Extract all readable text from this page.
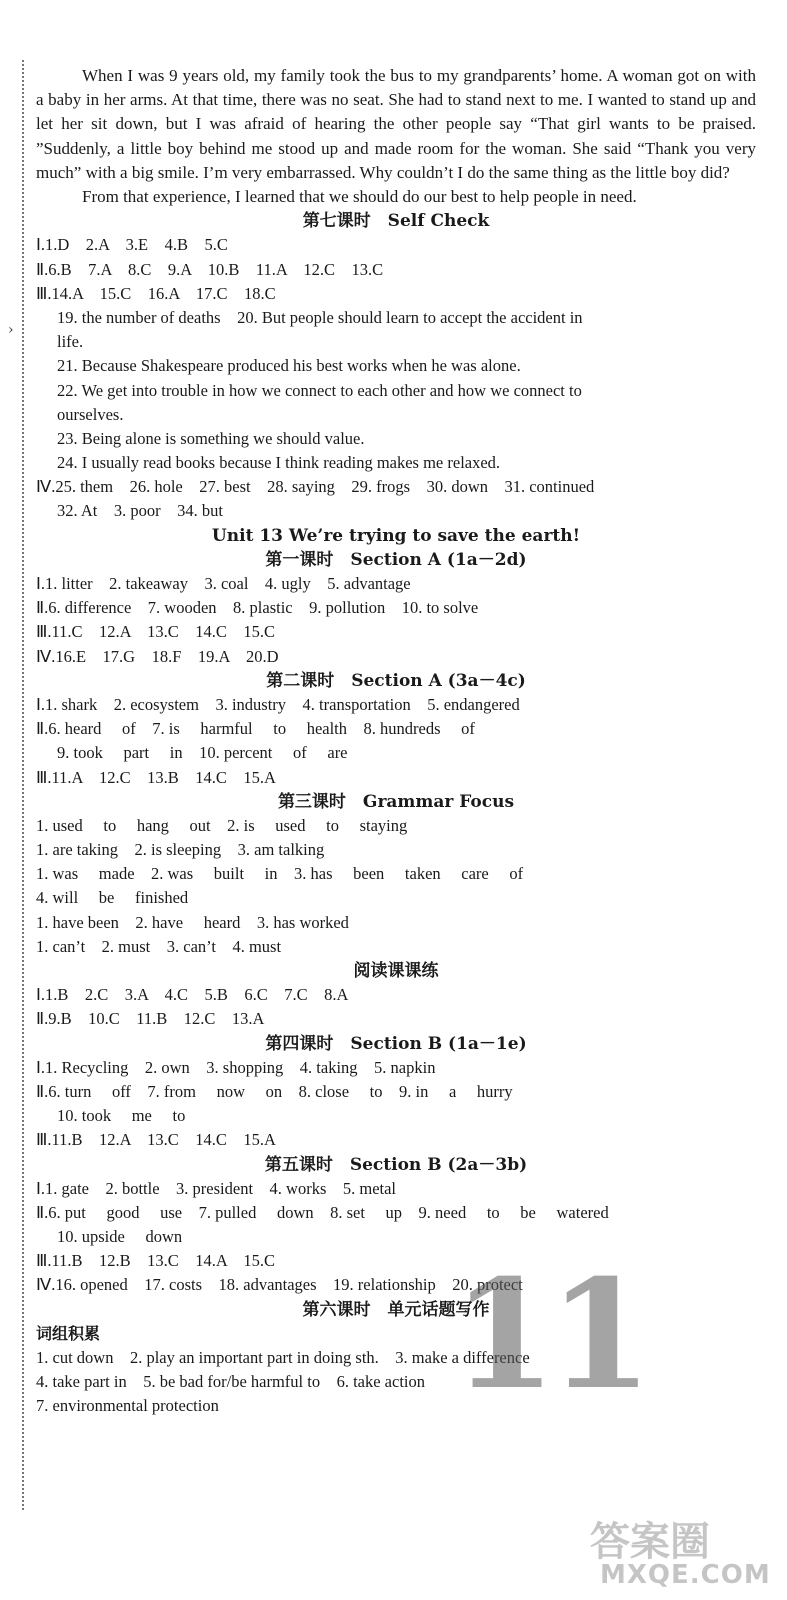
›

When I was 9 years old, my family took the bus to my grandparents’ home. A woman got on with a baby in her arms. At that time, there was no seat. She had to stand next to me. I wanted to stand up and let her sit down, but I was afraid of hearing the other people say “That girl wants to be praised. ”Suddenly, a little boy behind me stood up and made room for the woman. She said “Thank you very much” with a big smile. I’m very embarrassed. Why couldn’t I do the same thing as the little boy did?

From that experience, I learned that we should do our best to help people in need.

第七课时　Self Check
Ⅰ.1.D　2.A　3.E　4.B　5.C
Ⅱ.6.B　7.A　8.C　9.A　10.B　11.A　12.C　13.C
Ⅲ.14.A　15.C　16.A　17.C　18.C
19. the number of deaths　20. But people should learn to accept the accident in
life.
21. Because Shakespeare produced his best works when he was alone.
22. We get into trouble in how we connect to each other and how we connect to
ourselves.
23. Being alone is something we should value.
24. I usually read books because I think reading makes me relaxed.
Ⅳ.25. them　26. hole　27. best　28. saying　29. frogs　30. down　31. continued
32. At　3. poor　34. but
Unit 13 We’re trying to save the earth!
第一课时　Section A (1a－2d)
Ⅰ.1. litter　2. takeaway　3. coal　4. ugly　5. advantage
Ⅱ.6. difference　7. wooden　8. plastic　9. pollution　10. to solve
Ⅲ.11.C　12.A　13.C　14.C　15.C
Ⅳ.16.E　17.G　18.F　19.A　20.D
第二课时　Section A (3a－4c)
Ⅰ.1. shark　2. ecosystem　3. industry　4. transportation　5. endangered
Ⅱ.6. heard　 of　7. is　 harmful　 to　 health　8. hundreds　 of
9. took　 part　 in　10. percent　 of　 are
Ⅲ.11.A　12.C　13.B　14.C　15.A
第三课时　Grammar Focus
1. used　 to　 hang　 out　2. is　 used　 to　 staying
1. are taking　2. is sleeping　3. am talking
1. was　 made　2. was　 built　 in　3. has　 been　 taken　 care　 of
4. will　 be　 finished
1. have been　2. have　 heard　3. has worked
1. can’t　2. must　3. can’t　4. must
阅读课课练
Ⅰ.1.B　2.C　3.A　4.C　5.B　6.C　7.C　8.A
Ⅱ.9.B　10.C　11.B　12.C　13.A
第四课时　Section B (1a－1e)
Ⅰ.1. Recycling　2. own　3. shopping　4. taking　5. napkin
Ⅱ.6. turn　 off　7. from　 now　 on　8. close　 to　9. in　 a　 hurry
10. took　 me　 to
Ⅲ.11.B　12.A　13.C　14.C　15.A
第五课时　Section B (2a－3b)
Ⅰ.1. gate　2. bottle　3. president　4. works　5. metal
Ⅱ.6. put　 good　 use　7. pulled　 down　8. set　 up　9. need　 to　 be　 watered
10. upside　 down
Ⅲ.11.B　12.B　13.C　14.A　15.C
Ⅳ.16. opened　17. costs　18. advantages　19. relationship　20. protect
第六课时　单元话题写作
词组积累
1. cut down　2. play an important part in doing sth.　3. make a difference
4. take part in　5. be bad for/be harmful to　6. take action
7. environmental protection	11
答案圈
MXQE.COM
